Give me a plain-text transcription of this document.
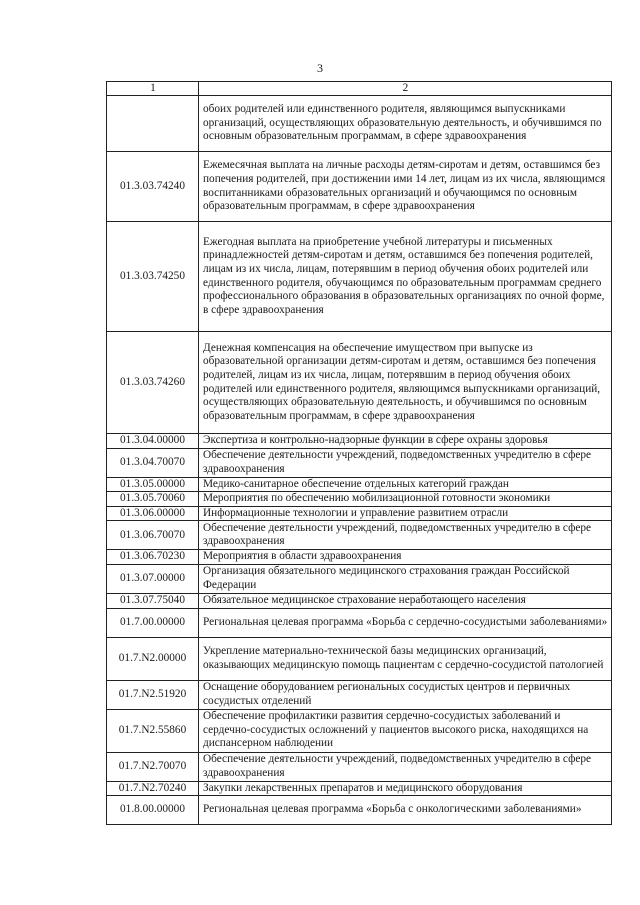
3
1	2
	обоих родителей или единственного родителя, являющимся выпускниками организаций, осуществляющих образовательную деятельность, и обучившимся по основным образовательным программам, в сфере здравоохранения
01.3.03.74240	Ежемесячная выплата на личные расходы детям-сиротам и детям, оставшимся без попечения родителей, при достижении ими 14 лет, лицам из их числа, являющимся воспитанниками образовательных организаций и обучающимся по основным образовательным программам, в сфере здравоохранения
01.3.03.74250	Ежегодная выплата на приобретение учебной литературы и письменных принадлежностей детям-сиротам и детям, оставшимся без попечения родителей, лицам из их числа, лицам, потерявшим в период обучения обоих родителей или единственного родителя, обучающимся по образовательным программам среднего профессионального образования в образовательных организациях по очной форме, в сфере здравоохранения
01.3.03.74260	Денежная компенсация на обеспечение имуществом при выпуске из образовательной организации детям-сиротам и детям, оставшимся без попечения родителей, лицам из их числа, лицам, потерявшим в период обучения обоих родителей или единственного родителя, являющимся выпускниками организаций, осуществляющих образовательную деятельность, и обучившимся по основным образовательным программам, в сфере здравоохранения
01.3.04.00000	Экспертиза и контрольно-надзорные функции в сфере охраны здоровья
01.3.04.70070	Обеспечение деятельности учреждений, подведомственных учредителю в сфере здравоохранения
01.3.05.00000	Медико-санитарное обеспечение отдельных категорий граждан
01.3.05.70060	Мероприятия по обеспечению мобилизационной готовности экономики
01.3.06.00000	Информационные технологии и управление развитием отрасли
01.3.06.70070	Обеспечение деятельности учреждений, подведомственных учредителю в сфере здравоохранения
01.3.06.70230	Мероприятия в области здравоохранения
01.3.07.00000	Организация обязательного медицинского страхования граждан Российской Федерации
01.3.07.75040	Обязательное медицинское страхование неработающего населения
01.7.00.00000	Региональная целевая программа «Борьба с сердечно-сосудистыми заболеваниями»
01.7.N2.00000	Укрепление материально-технической базы медицинских организаций, оказывающих медицинскую помощь пациентам с сердечно-сосудистой патологией
01.7.N2.51920	Оснащение оборудованием региональных сосудистых центров и первичных сосудистых отделений
01.7.N2.55860	Обеспечение профилактики развития сердечно-сосудистых заболеваний и сердечно-сосудистых осложнений у пациентов высокого риска, находящихся на диспансерном наблюдении
01.7.N2.70070	Обеспечение деятельности учреждений, подведомственных учредителю в сфере здравоохранения
01.7.N2.70240	Закупки лекарственных препаратов и медицинского оборудования
01.8.00.00000	Региональная целевая программа «Борьба с онкологическими заболеваниями»
